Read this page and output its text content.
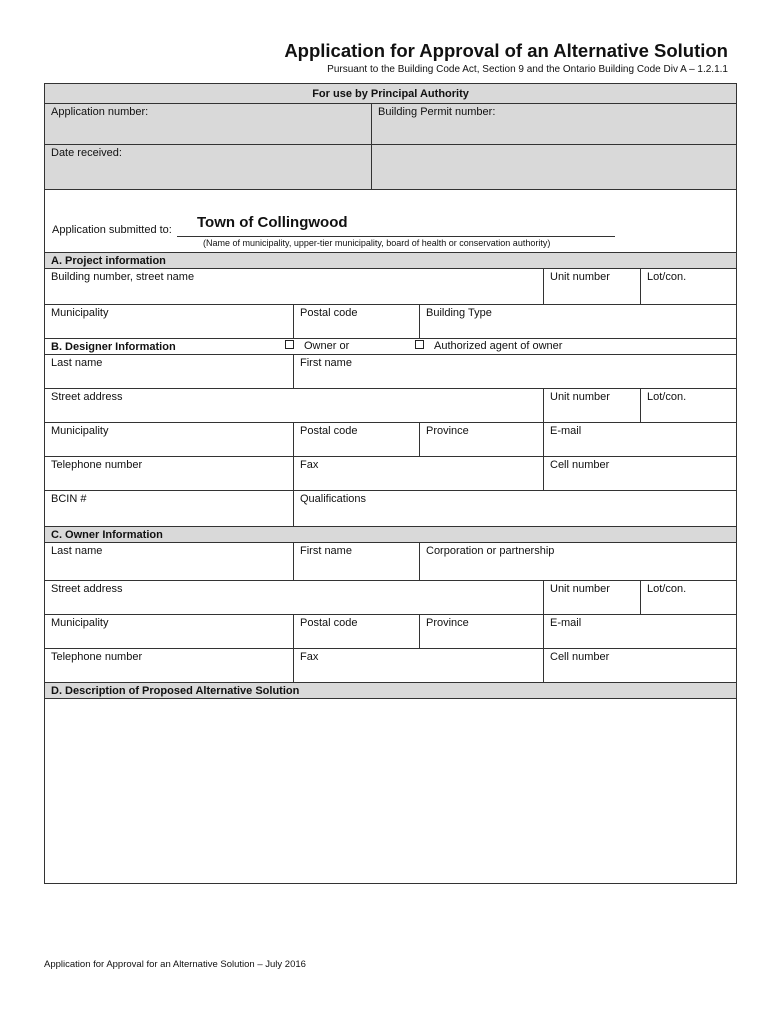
Application for Approval of an Alternative Solution
Pursuant to the Building Code Act, Section 9 and the Ontario Building Code Div A – 1.2.1.1
For use by Principal Authority					
Application number:		Building Permit number:			
Date received:					

Application submitted to: Town of Collingwood
(Name of municipality, upper-tier municipality, board of health or conservation authority)					

A. Project information					
Building number, street name				Unit number	Lot/con.
Municipality	Postal code		Building Type		
B. Designer Information Owner or Authorized agent of owner					

Last name	First name				
Street address				Unit number	Lot/con.
Municipality	Postal code		Province	E-mail	
Telephone number	Fax			Cell number	
BCIN #	Qualifications				
C. Owner Information					
Last name	First name		Corporation or partnership		
Street address				Unit number	Lot/con.
Municipality	Postal code		Province	E-mail	
Telephone number	Fax			Cell number	
D. Description of Proposed Alternative Solution					

Application for Approval for an Alternative Solution – July 2016
